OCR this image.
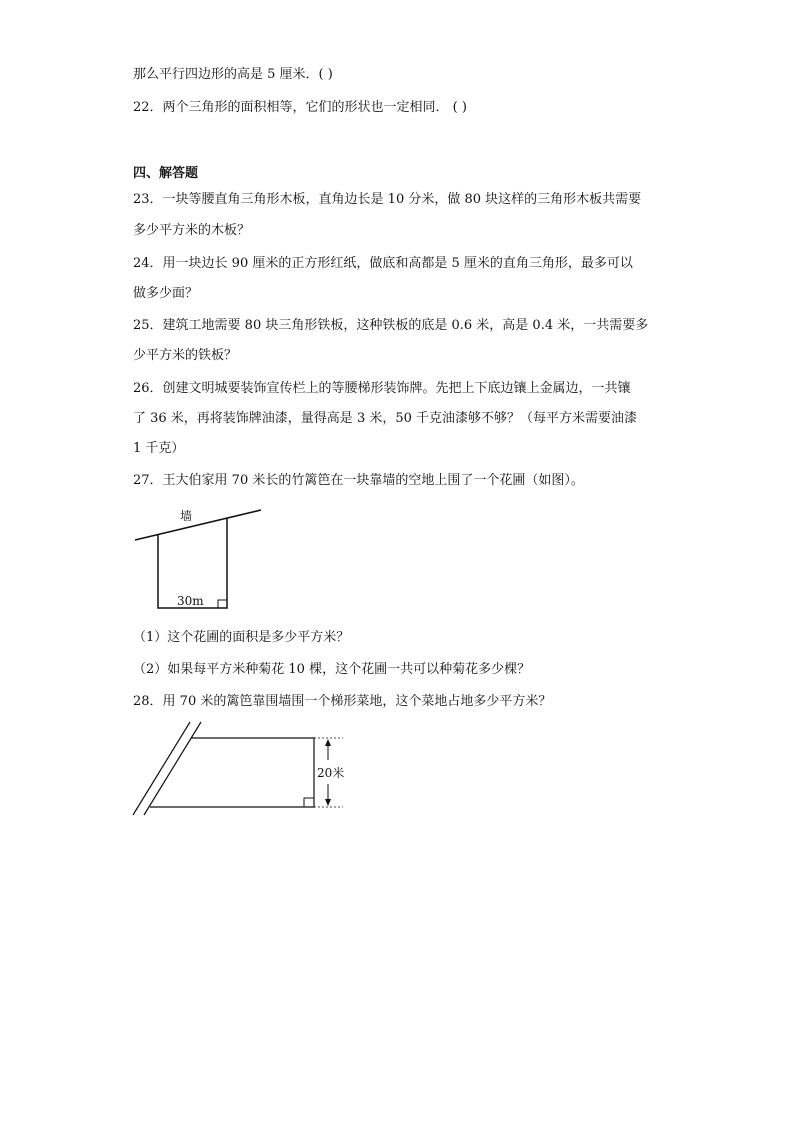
那么平行四边形的高是 5 厘米．( )
22．两个三角形的面积相等，它们的形状也一定相同． ( )
四、解答题
23．一块等腰直角三角形木板，直角边长是 10 分米，做 80 块这样的三角形木板共需要
多少平方米的木板？
24．用一块边长 90 厘米的正方形红纸，做底和高都是 5 厘米的直角三角形，最多可以
做多少面？
25．建筑工地需要 80 块三角形铁板，这种铁板的底是 0.6 米，高是 0.4 米，一共需要多
少平方米的铁板？
26．创建文明城要装饰宣传栏上的等腰梯形装饰牌。先把上下底边镶上金属边，一共镶
了 36 米，再将装饰牌油漆，量得高是 3 米，50 千克油漆够不够？（每平方米需要油漆
1 千克）
27．王大伯家用 70 米长的竹篱笆在一块靠墙的空地上围了一个花圃（如图）。
墙
30m
（1）这个花圃的面积是多少平方米？
（2）如果每平方米种菊花 10 棵，这个花圃一共可以种菊花多少棵？
28．用 70 米的篱笆靠围墙围一个梯形菜地，这个菜地占地多少平方米？
20米
